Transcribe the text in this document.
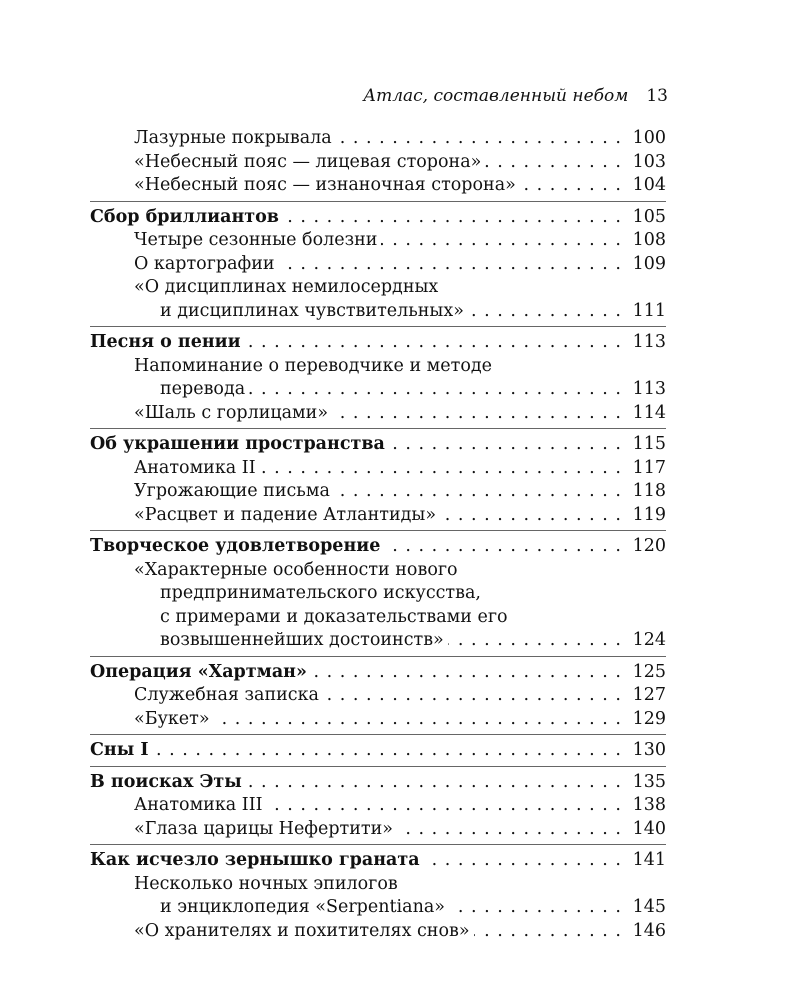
Атлас, составленный небом 13
Лазурные покрывала . . .	100
«Небесный пояс — лицевая сторона» . . .	103
«Небесный пояс — изнаночная сторона» . . .	104
Сбор бриллиантов . . .	105
Четыре сезонные болезни . . .	108
О картографии . . .	109
«О дисциплинах немилосердных
и дисциплинах чувствительных» . . .	111
Песня о пении . . .	113
Напоминание о переводчике и методе
перевода . . .	113
«Шаль с горлицами» . . .	114
Об украшении пространства . . .	115
Анатомика II . . .	117
Угрожающие письма . . .	118
«Расцвет и падение Атлантиды» . . .	119
Творческое удовлетворение . . .	120
«Характерные особенности нового
предпринимательского искусства,
с примерами и доказательствами его
возвышеннейших достоинств» . . .	124
Операция «Хартман» . . .	125
Служебная записка . . .	127
«Букет» . . .	129
Сны I . . .	130
В поисках Эты . . .	135
Анатомика III . . .	138
«Глаза царицы Нефертити» . . .	140
Как исчезло зернышко граната . . .	141
Несколько ночных эпилогов
и энциклопедия «Serpentiana» . . .	145
«О хранителях и похитителях снов» . . .	146
